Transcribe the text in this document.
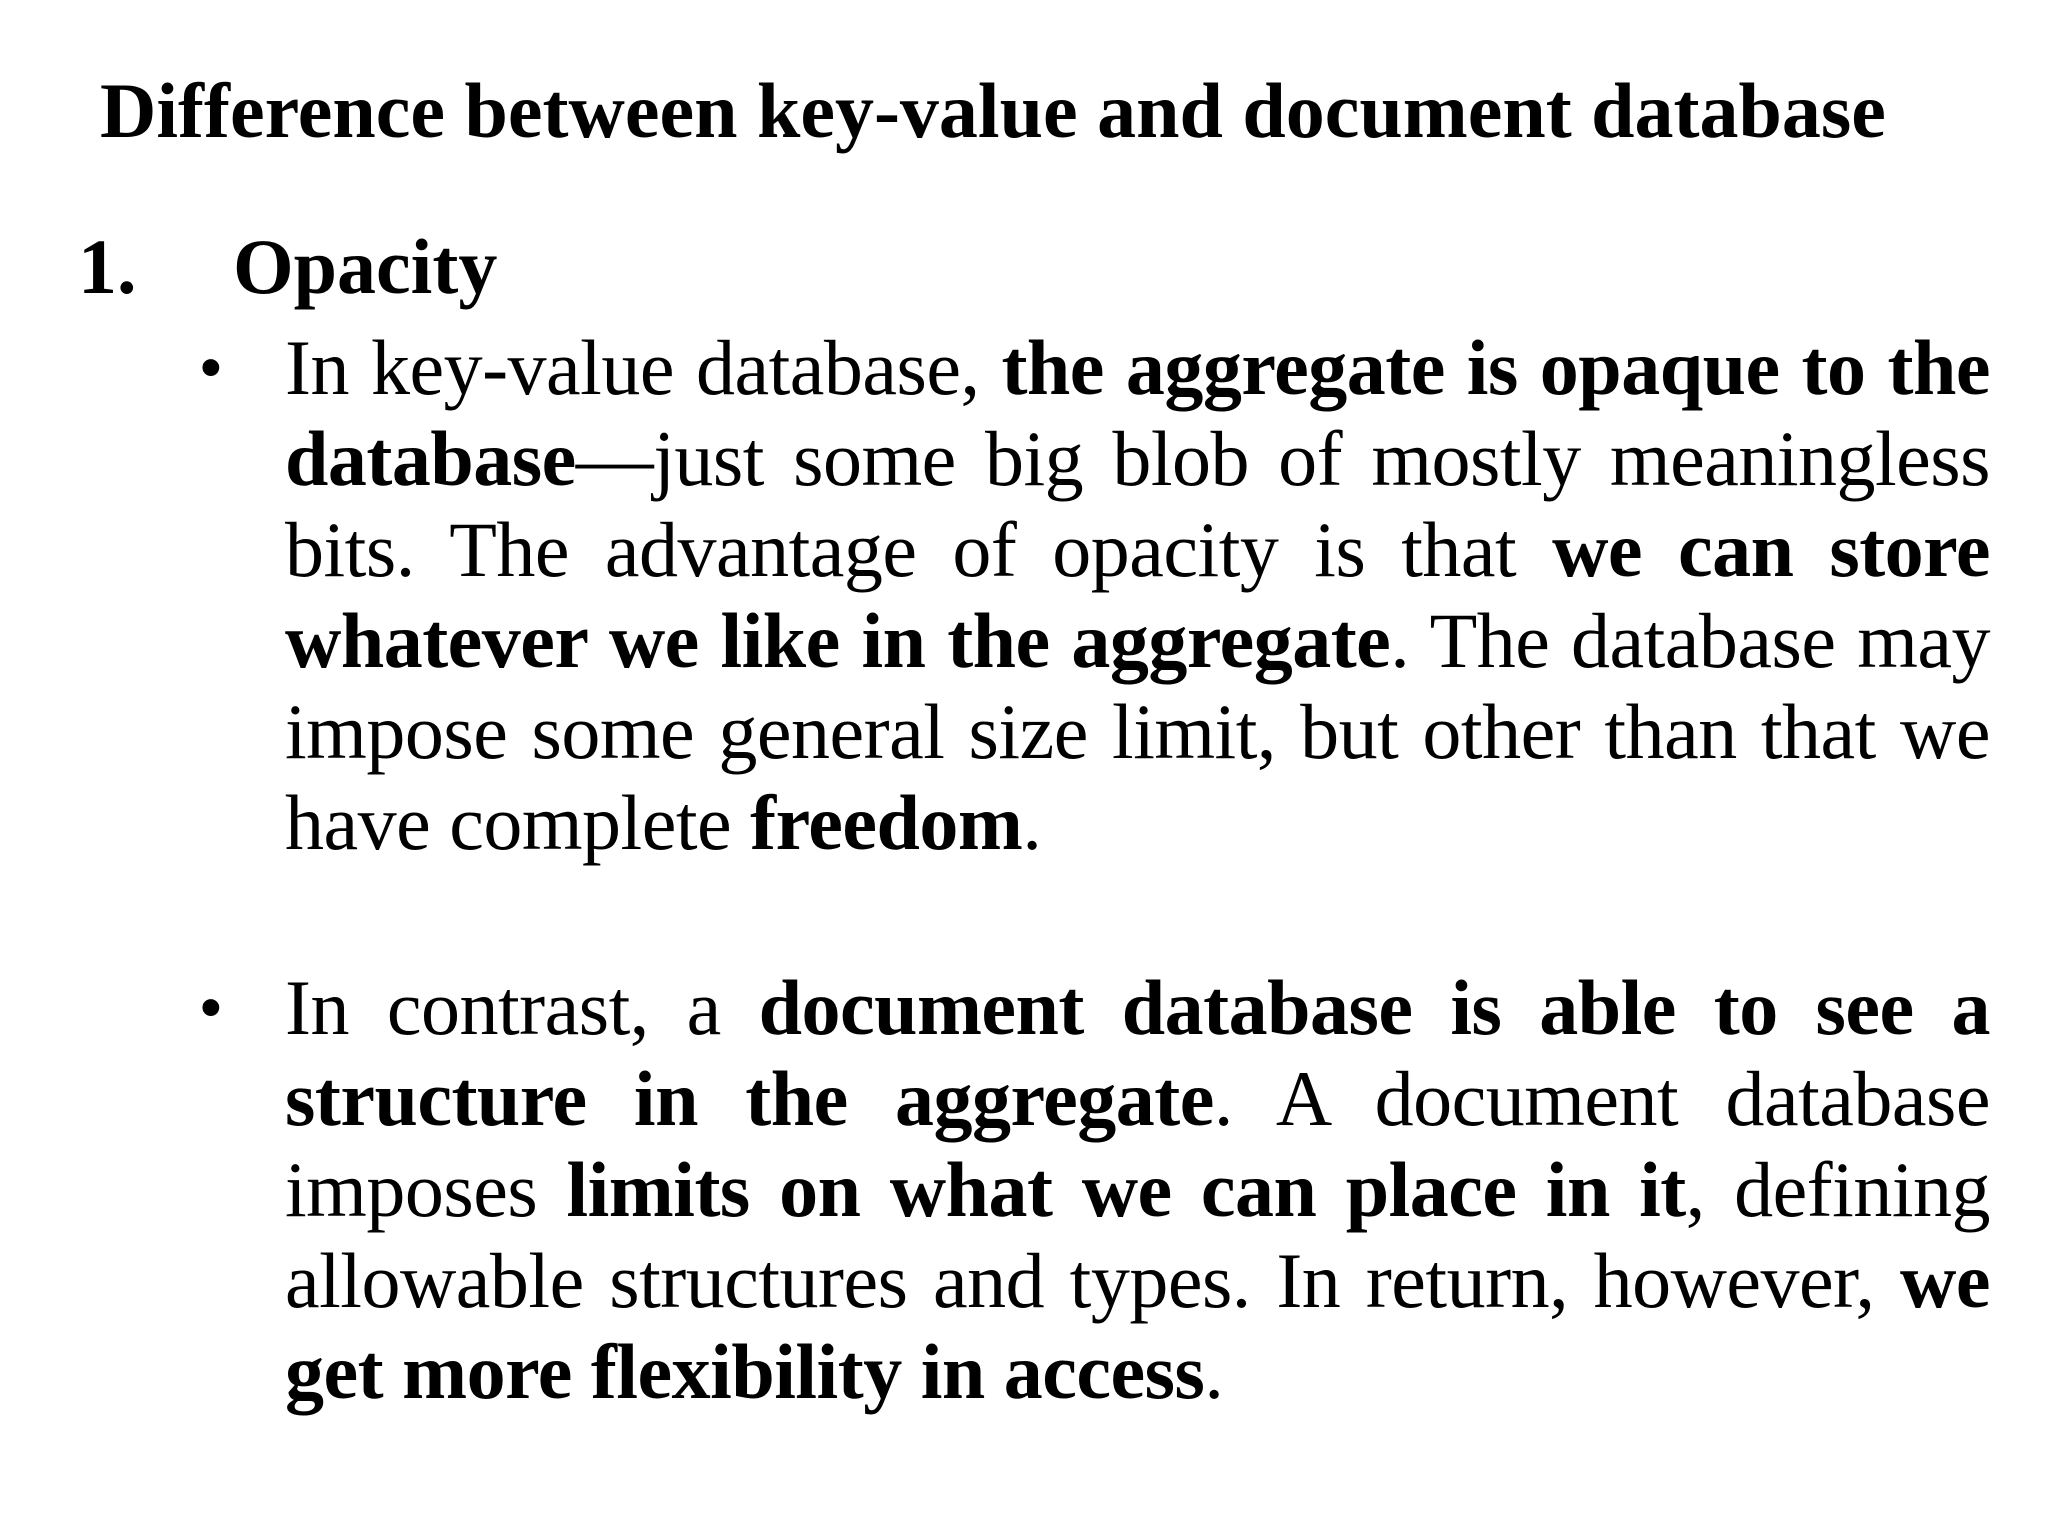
Difference between key-value and document database
1. Opacity
• In key-value database, the aggregate is opaque to the database—just some big blob of mostly meaningless bits. The advantage of opacity is that we can store whatever we like in the aggregate. The database may impose some general size limit, but other than that we have complete freedom.
• In contrast, a document database is able to see a structure in the aggregate. A document database imposes limits on what we can place in it, defining allowable structures and types. In return, however, we get more flexibility in access.
